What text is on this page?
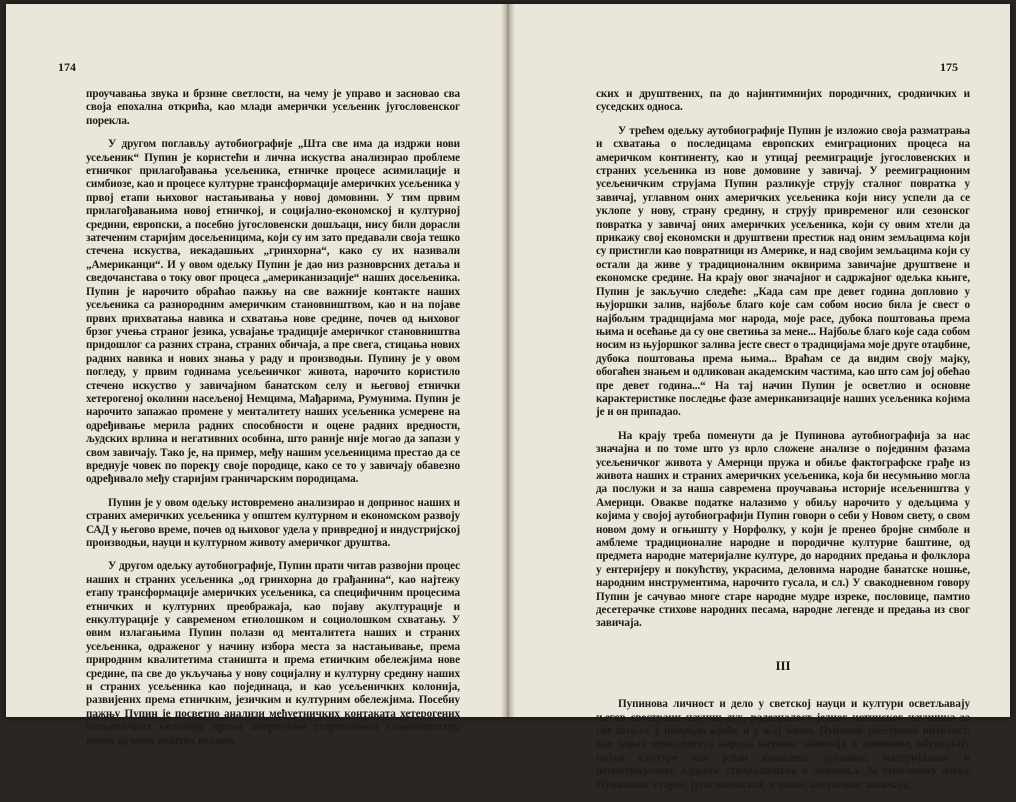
174

проучавања звука и брзине светлости, на чему је управо и засновао сва своја епохална открића, као млади амерички усељеник југословенског порекла.

У другом поглављу аутобиографије „Шта све има да издржи нови усељеник“ Пупин је користећи и лична искуства анализирао проблеме етничког прилагођавања усељеника, етничке процесе асимилације и симбиозе, као и процесе културне трансформације америчких усељеника у првој етапи њиховог настањивања у новој домовини. У тим првим прилагођавањима новој етничкој, и социјално-економској и културној средини, европски, а посебно југословенски дошљаци, нису били дорасли затеченим старијим досељеницима, који су им зато предавали своја тешко стечена искуства, некадашњих „гринхорна“, како су их називали „Американци“. И у овом одељку Пупин је дао низ разноврсних детаља и сведочанстава о току овог процеса „американизације“ наших досељеника. Пупин је нарочито обраћао пажњу на све важније контакте наших усељеника са разнородним америчким становништвом, као и на појаве првих прихватања навика и схватања нове средине, почев од њиховог брзог учења страног језика, усвајање традиције америчког становништва придошлог са разних страна, страних обичаја, а пре свега, стицања нових радних навика и нових знања у раду и производњи. Пупину је у овом погледу, у првим годинама усељеничког живота, нарочито користило стечено искуство у завичајном банатском селу и његовој етнички хетерогеној околини насељеној Немцима, Мађарима, Румунима. Пупин је нарочито запажао промене у менталитету наших усељеника усмерене на одређивање мерила радних способности и оцене радних вредности, људских врлина и негативних особина, што раније није могао да запази у свом завичају. Тако је, на пример, међу нашим усељеницима престао да се вреднује човек по порекլу своје породице, како се то у завичају обавезно одређивало међу старијим граничарским породицама.

Пупин је у овом одељку истовремено анализирао и допринос наших и страних америчких усељеника у општем културном и економском развоју САД у његово време, почев од њиховог удела у привредној и индустријској производњи, науци и културном животу америчког друштва.

У другом одељку аутобиографије, Пупин прати читав развојни процес наших и страних усељеника „од гринхорна до грађанина“, као најтежу етапу трансформације америчких усељеника, са специфичним процесима етничких и културних преображаја, као појаву акултурације и енкултурације у савременом етнолошком и социолошком схватању. У овим излагањима Пупин полази од менталитета наших и страних усељеника, одраженог у начину избора места за настањивање, према природним квалитетима станишта и према етничким обележјима нове средине, па све до укључања у нову социјалну и културну средину наших и страних усељеника као појединаца, и као усељеничких колонија, развијених према етничким, језичким и културним обележјима. Посебну пажњу Пупин је посветио анализи међуетничких контаката хетерогених усељеничких колонија према америчком стариначком становништву, почев од оних општих економ-

175

ских и друштвених, па до најинтимнијих породичних, сродничких и суседских односа.

У трећем одељку аутобиографије Пупин је изложио своја разматрања и схватања о последицама европских емиграционих процеса на америчком континенту, као и утицај реемиграције југословенских и страних усељеника из нове домовине у завичај. У реемиграционим усељеничким струјама Пупин разликује струју сталног повратка у завичај, углавном оних америчких усељеника који нису успели да се уклопе у нову, страну средину, и струју привременог или сезонског повратка у завичај оних америчких усељеника, који су овим хтели да прикажу свој економски и друштвени престиж над оним земљацима који су пристигли као повратници из Америке, и над својим земљацима који су остали да живе у традиционалним оквирима завичајне друштвене и економске средине. На крају овог значајног и садржајног одељка књиге, Пупин је закључио следеће: „Када сам пре девет година допловио у њујоршки залив, најбоље благо које сам собом носио била је свест о најбољим традицијама мог народа, моје расе, дубока поштовања према њима и осећање да су оне светиња за мене... Најбоље благо које сада собом носим из њујоршког залива јесте свест о традицијама моје друге отаџбине, дубока поштовања према њима... Враћам се да видим свoју мајку, обогаћен знањем и одликован академским частима, као што сам јој обећао пре девет година...“ На тај начин Пупин је осветлио и основне карактеристике последње фазе американизације наших усељеника којима је и он припадао.

На крају треба поменути да је Пупинова аутобиографија за нас значајна и по томе што уз врло сложене анализе о појединим фазама усељеничког живота у Америци пружа и обиље фактографске грађе из живота наших и страних америчких усељеника, која би несумњиво могла да послужи и за наша савремена проучавања историје исељеништва у Америци. Овакве податке налазимо у обиљу нарочито у одељцима у којима у својој аутобиографији Пупин говори о себи у Новом свету, о свом новом дому и огњишту у Норфолку, у који је пренео бројне симболе и амблеме традиционалне народне и породичне културне баштине, од предмета народне материјалне културе, до народних предања и фолклора у ентеријеру и покућству, украсима, деловима народне банатске ношње, народним инструментима, нарочито гусала, и сл.) У свакодневном говору Пупин је сачувао многе старе народне мудре изреке, пословице, памтио десетерачке стихове народних песама, народне легенде и предања из свог завичаја.

III

Пупинова личност и дело у светској науци и култури осветљавају његов свестрани научни дух, радозналост једног истинског научника за све што се у природи креће и у њој живи. Пупинов свестрани интелект, као одраз менталитета народа његовог завичаја и домовине, обухватају појам културе као један комплекс духовног, материјалног и нематеријалног људског стваралаштва и поимања. За етнолошку науку Пупиновог старог, југословенског, и новог, америчког завичаја,
